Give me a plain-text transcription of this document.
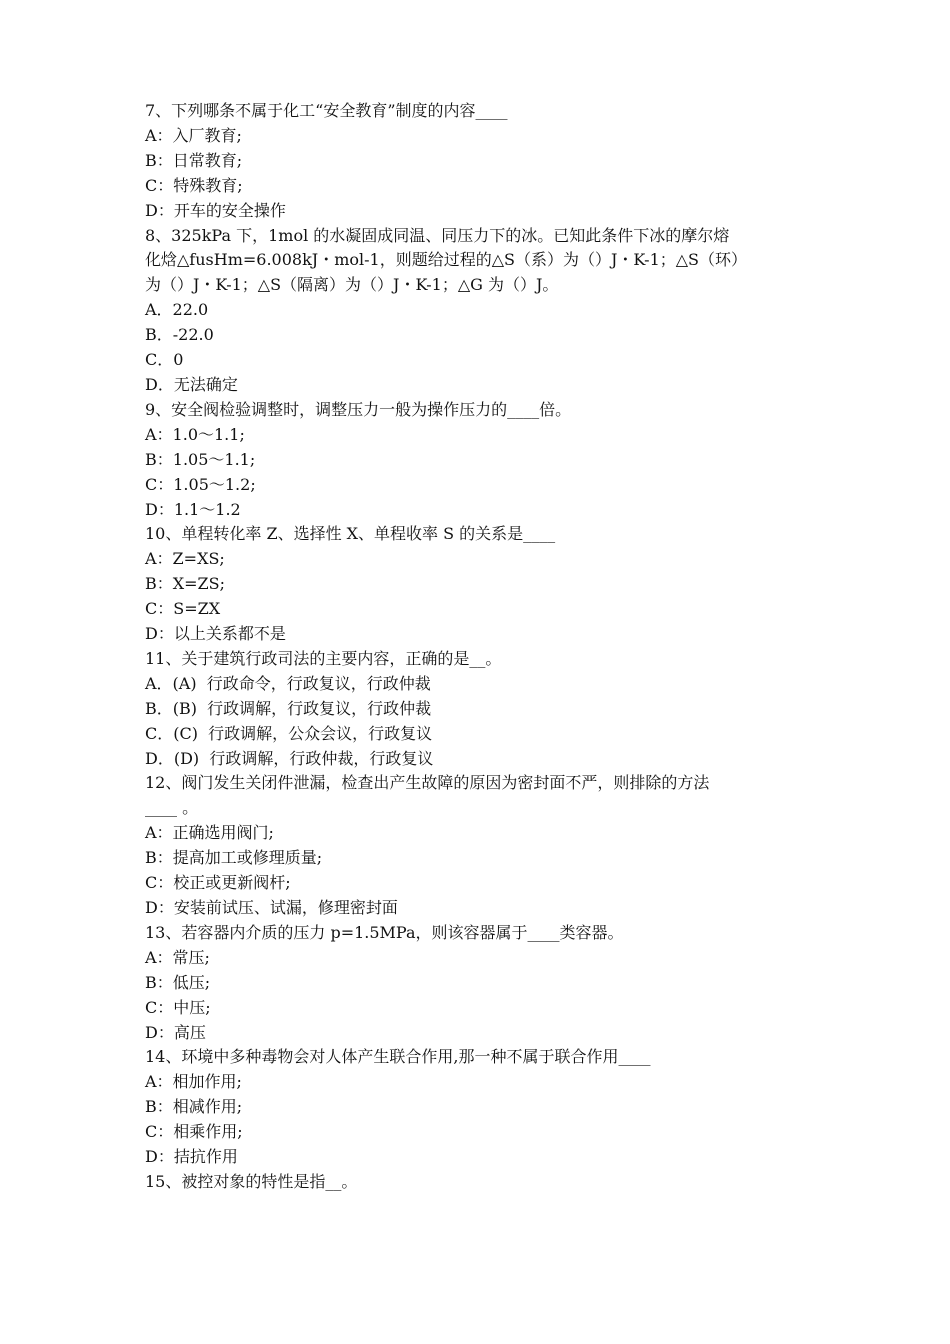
7、下列哪条不属于化工“安全教育”制度的内容____

A：入厂教育;

B：日常教育;

C：特殊教育;

D：开车的安全操作

8、325kPa 下，1mol 的水凝固成同温、同压力下的冰。已知此条件下冰的摩尔熔

化焓△fusHm=6.008kJ・mol-1，则题给过程的△S（系）为（）J・K-1；△S（环）

为（）J・K-1；△S（隔离）为（）J・K-1；△G 为（）J。

A．22.0

B．-22.0

C．0

D．无法确定

9、安全阀检验调整时，调整压力一般为操作压力的____倍。

A：1.0～1.1;

B：1.05～1.1;

C：1.05～1.2;

D：1.1～1.2

10、单程转化率 Z、选择性 X、单程收率 S 的关系是____

A：Z=XS;

B：X=ZS;

C：S=ZX

D：以上关系都不是

11、关于建筑行政司法的主要内容，正确的是__。

A．(A)  行政命令，行政复议，行政仲裁

B．(B)  行政调解，行政复议，行政仲裁

C．(C)  行政调解，公众会议，行政复议

D．(D)  行政调解，行政仲裁，行政复议

12、阀门发生关闭件泄漏，检查出产生故障的原因为密封面不严，则排除的方法

____ 。

A：正确选用阀门;

B：提高加工或修理质量;

C：校正或更新阀杆;

D：安装前试压、试漏，修理密封面

13、若容器内介质的压力 p=1.5MPa，则该容器属于____类容器。

A：常压;

B：低压;

C：中压;

D：高压

14、环境中多种毒物会对人体产生联合作用,那一种不属于联合作用____

A：相加作用;

B：相减作用;

C：相乘作用;

D：拮抗作用

15、被控对象的特性是指__。
